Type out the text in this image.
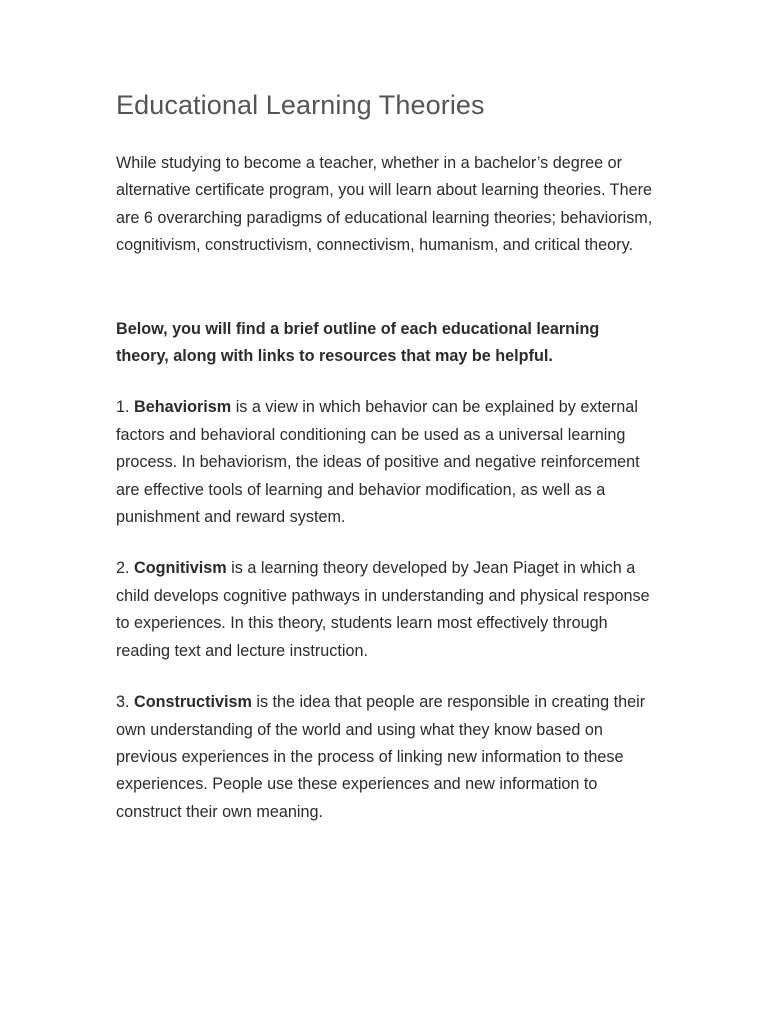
Educational Learning Theories

While studying to become a teacher, whether in a bachelor’s degree or alternative certificate program, you will learn about learning theories. There are 6 overarching paradigms of educational learning theories; behaviorism, cognitivism, constructivism, connectivism, humanism, and critical theory.

Below, you will find a brief outline of each educational learning theory, along with links to resources that may be helpful.

1. Behaviorism is a view in which behavior can be explained by external factors and behavioral conditioning can be used as a universal learning process. In behaviorism, the ideas of positive and negative reinforcement are effective tools of learning and behavior modification, as well as a punishment and reward system.

2. Cognitivism is a learning theory developed by Jean Piaget in which a child develops cognitive pathways in understanding and physical response to experiences. In this theory, students learn most effectively through reading text and lecture instruction.

3. Constructivism is the idea that people are responsible in creating their own understanding of the world and using what they know based on previous experiences in the process of linking new information to these experiences. People use these experiences and new information to construct their own meaning.
